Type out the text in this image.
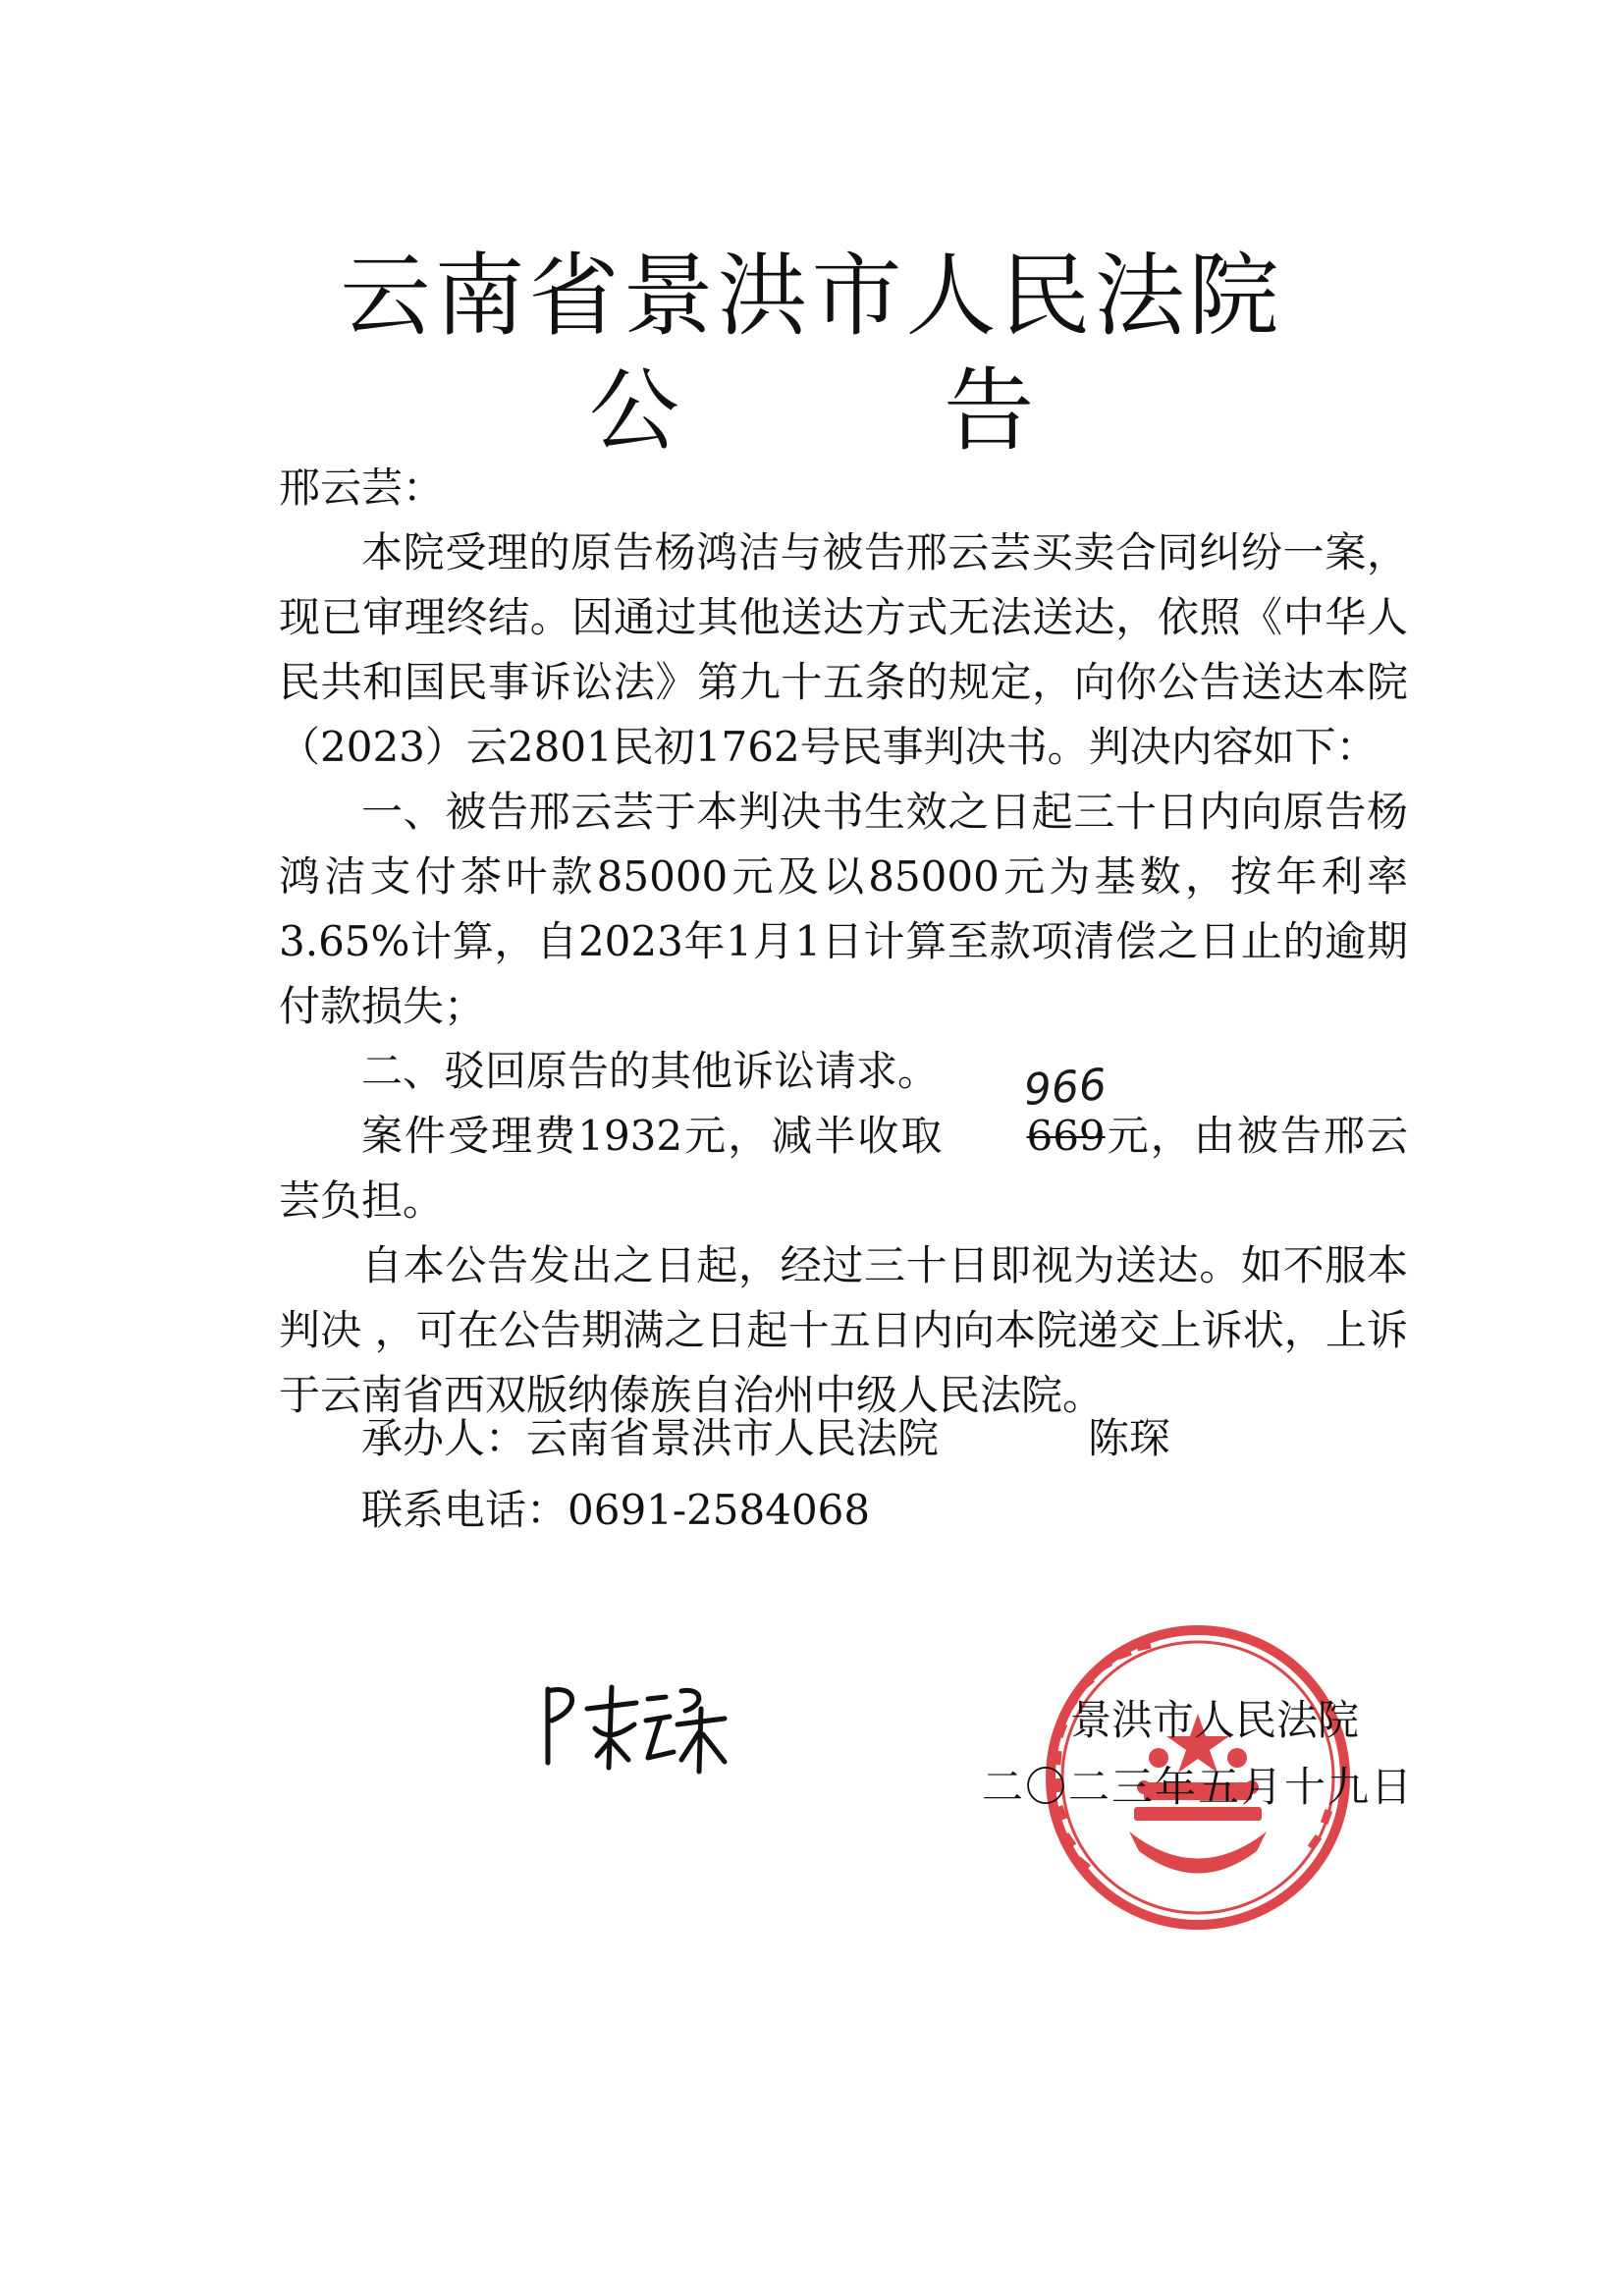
云南省景洪市人民法院
公 告
邢云芸：

本院受理的原告杨鸿洁与被告邢云芸买卖合同纠纷一案，现已审理终结。因通过其他送达方式无法送达，依照《中华人民共和国民事诉讼法》第九十五条的规定，向你公告送达本院（2023）云2801民初1762号民事判决书。判决内容如下：

一、被告邢云芸于本判决书生效之日起三十日内向原告杨鸿洁支付茶叶款85000元及以85000元为基数，按年利率3.65%计算，自2023年1月1日计算至款项清偿之日止的逾期付款损失；

二、驳回原告的其他诉讼请求。

案件受理费1932元，减半收取 669
966
元，由被告邢云芸负担。

自本公告发出之日起，经过三十日即视为送达。如不服本判决 ，可在公告期满之日起十五日内向本院递交上诉状，上诉于云南省西双版纳傣族自治州中级人民法院。

承办人：云南省景洪市人民法院	陈琛
联系电话：0691-2584068
景洪市人民法院
二〇二三年五月十九日
